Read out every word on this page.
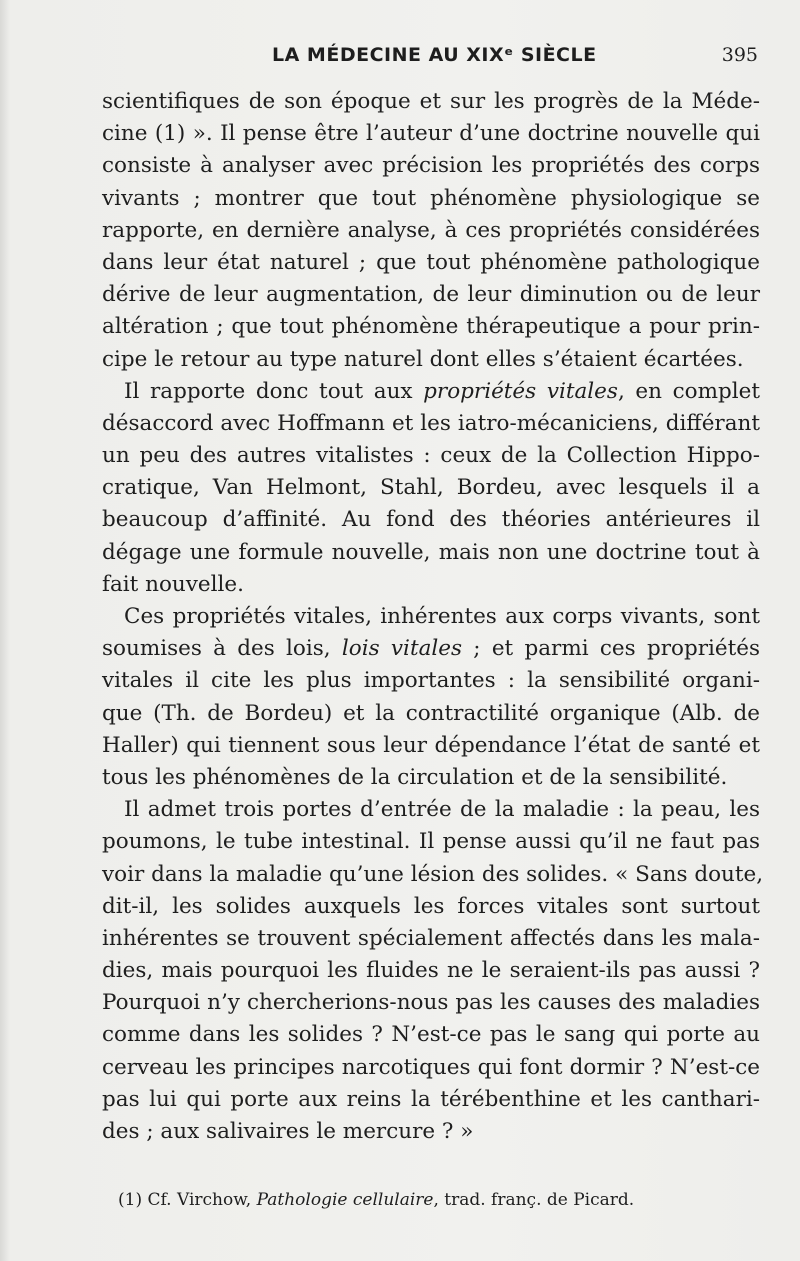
LA MÉDECINE AU XIXᵉ SIÈCLE	395
scientifiques de son époque et sur les progrès de la Méde-
cine (1) ». Il pense être l’auteur d’une doctrine nouvelle qui
consiste à analyser avec précision les propriétés des corps
vivants ; montrer que tout phénomène physiologique se
rapporte, en dernière analyse, à ces propriétés considérées
dans leur état naturel ; que tout phénomène pathologique
dérive de leur augmentation, de leur diminution ou de leur
altération ; que tout phénomène thérapeutique a pour prin-
cipe le retour au type naturel dont elles s’étaient écartées.
Il rapporte donc tout aux propriétés vitales, en complet
désaccord avec Hoffmann et les iatro-mécaniciens, différant
un peu des autres vitalistes : ceux de la Collection Hippo-
cratique, Van Helmont, Stahl, Bordeu, avec lesquels il a
beaucoup d’affinité. Au fond des théories antérieures il
dégage une formule nouvelle, mais non une doctrine tout à
fait nouvelle.
Ces propriétés vitales, inhérentes aux corps vivants, sont
soumises à des lois, lois vitales ; et parmi ces propriétés
vitales il cite les plus importantes : la sensibilité organi-
que (Th. de Bordeu) et la contractilité organique (Alb. de
Haller) qui tiennent sous leur dépendance l’état de santé et
tous les phénomènes de la circulation et de la sensibilité.
Il admet trois portes d’entrée de la maladie : la peau, les
poumons, le tube intestinal. Il pense aussi qu’il ne faut pas
voir dans la maladie qu’une lésion des solides. « Sans doute,
dit-il, les solides auxquels les forces vitales sont surtout
inhérentes se trouvent spécialement affectés dans les mala-
dies, mais pourquoi les fluides ne le seraient-ils pas aussi ?
Pourquoi n’y chercherions-nous pas les causes des maladies
comme dans les solides ? N’est-ce pas le sang qui porte au
cerveau les principes narcotiques qui font dormir ? N’est-ce
pas lui qui porte aux reins la térébenthine et les canthari-
des ; aux salivaires le mercure ? »
(1) Cf. Virchow, Pathologie cellulaire, trad. franç. de Picard.
